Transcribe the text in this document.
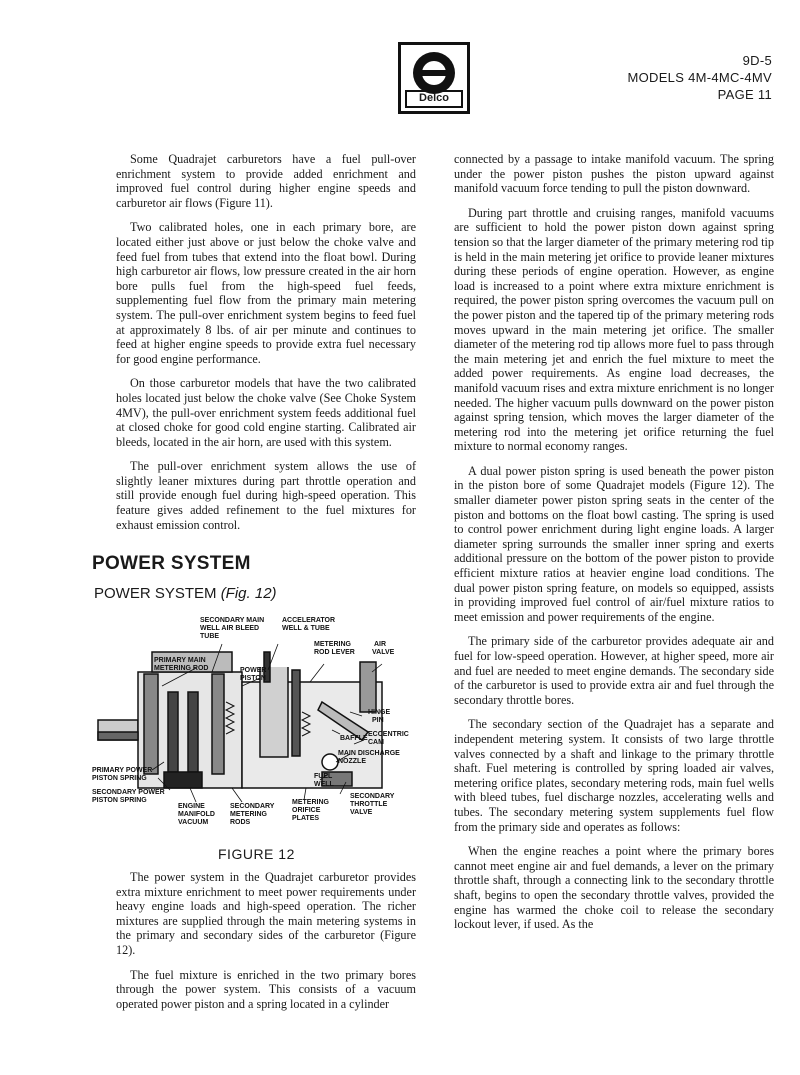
Delco
9D-5
MODELS 4M-4MC-4MV
PAGE 11

Some Quadrajet carburetors have a fuel pull-over enrichment system to provide added enrichment and improved fuel control during higher engine speeds and carburetor air flows (Figure 11).

Two calibrated holes, one in each primary bore, are located either just above or just below the choke valve and feed fuel from tubes that extend into the float bowl. During high carburetor air flows, low pressure created in the air horn bore pulls fuel from the high-speed fuel feeds, supplementing fuel flow from the primary main metering system. The pull-over enrichment system begins to feed fuel at approximately 8 lbs. of air per minute and continues to feed at higher engine speeds to provide extra fuel necessary for good engine performance.

On those carburetor models that have the two calibrated holes located just below the choke valve (See Choke System 4MV), the pull-over enrichment system feeds additional fuel at closed choke for good cold engine starting. Calibrated air bleeds, located in the air horn, are used with this system.

The pull-over enrichment system allows the use of slightly leaner mixtures during part throttle operation and still provide enough fuel during high-speed operation. This feature gives added refinement to the fuel mixtures for exhaust emission control.

POWER SYSTEM
POWER SYSTEM (Fig. 12)
SECONDARY MAIN
WELL AIR BLEED
TUBE
ACCELERATOR
WELL & TUBE
METERING
ROD LEVER
AIR
VALVE
PRIMARY MAIN
METERING ROD	POWER
PISTON
HINGE
PIN
BAFFLE
ECCENTRIC
CAM
MAIN DISCHARGE
NOZZLE
PRIMARY POWER
PISTON SPRING	FUEL
WELL
SECONDARY POWER
PISTON SPRING
SECONDARY
THROTTLE
VALVE
ENGINE
MANIFOLD
VACUUM
SECONDARY
METERING
RODS
METERING
ORIFICE
PLATES
FIGURE 12

The power system in the Quadrajet carburetor provides extra mixture enrichment to meet power requirements under heavy engine loads and high-speed operation. The richer mixtures are supplied through the main metering systems in the primary and secondary sides of the carburetor (Figure 12).

The fuel mixture is enriched in the two primary bores through the power system. This consists of a vacuum operated power piston and a spring located in a cylinder

connected by a passage to intake manifold vacuum. The spring under the power piston pushes the piston upward against manifold vacuum force tending to pull the piston downward.

During part throttle and cruising ranges, manifold vacuums are sufficient to hold the power piston down against spring tension so that the larger diameter of the primary metering rod tip is held in the main metering jet orifice to provide leaner mixtures during these periods of engine operation. However, as engine load is increased to a point where extra mixture enrichment is required, the power piston spring overcomes the vacuum pull on the power piston and the tapered tip of the primary metering rods moves upward in the main metering jet orifice. The smaller diameter of the metering rod tip allows more fuel to pass through the main metering jet and enrich the fuel mixture to meet the added power requirements. As engine load decreases, the manifold vacuum rises and extra mixture enrichment is no longer needed. The higher vacuum pulls downward on the power piston against spring tension, which moves the larger diameter of the metering rod into the metering jet orifice returning the fuel mixture to normal economy ranges.

A dual power piston spring is used beneath the power piston in the piston bore of some Quadrajet models (Figure 12). The smaller diameter power piston spring seats in the center of the piston and bottoms on the float bowl casting. The spring is used to control power enrichment during light engine loads. A larger diameter spring surrounds the smaller inner spring and exerts additional pressure on the bottom of the power piston to provide efficient mixture ratios at heavier engine load conditions. The dual power piston spring feature, on models so equipped, assists in providing improved fuel control of air/fuel mixture ratios to meet emission and power requirements of the engine.

The primary side of the carburetor provides adequate air and fuel for low-speed operation. However, at higher speed, more air and fuel are needed to meet engine demands. The secondary side of the carburetor is used to provide extra air and fuel through the secondary throttle bores.

The secondary section of the Quadrajet has a separate and independent metering system. It consists of two large throttle valves connected by a shaft and linkage to the primary throttle shaft. Fuel metering is controlled by spring loaded air valves, metering orifice plates, secondary metering rods, main fuel wells with bleed tubes, fuel discharge nozzles, accelerating wells and tubes. The secondary metering system supplements fuel flow from the primary side and operates as follows:

When the engine reaches a point where the primary bores cannot meet engine air and fuel demands, a lever on the primary throttle shaft, through a connecting link to the secondary throttle shaft, begins to open the secondary throttle valves, provided the engine has warmed the choke coil to release the secondary lockout lever, if used. As the
